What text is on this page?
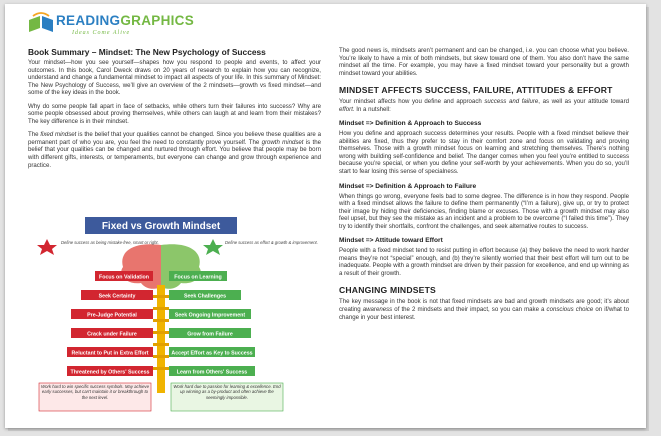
READINGGRAPHICS
Ideas Come Alive
Book Summary – Mindset: The New Psychology of Success

Your mindset—how you see yourself—shapes how you respond to people and events, to affect your outcomes. In this book, Carol Dweck draws on 20 years of research to explain how you can recognize, understand and change a fundamental mindset to impact all aspects of your life. In this summary of Mindset: The New Psychology of Success, we’ll give an overview of the 2 mindsets—growth vs fixed mindset—and some of the key ideas in the book.

Why do some people fall apart in face of setbacks, while others turn their failures into success? Why are some people obsessed about proving themselves, while others can laugh at and learn from their mistakes? The key difference is in their mindset.

The fixed mindset is the belief that your qualities cannot be changed. Since you believe these qualities are a permanent part of who you are, you feel the need to constantly prove yourself. The growth mindset is the belief that your qualities can be changed and nurtured through effort. You believe that people may be born with different gifts, interests, or temperaments, but everyone can change and grow through experience and practice.

Fixed vs Growth Mindset
Define success as being mistake-free, smart or right.	Define success as effort & growth & improvement.
Focus on Validation
Seek Certainty
Pre-Judge Potential
Crack under Failure
Reluctant to Put in Extra Effort
Threatened by Others' Success
Focus on Learning
Seek Challenges
Seek Ongoing Improvement
Grow from Failure
Accept Effort as Key to Success
Learn from Others' Success
Work hard to win specific success symbols. May achieve early successes, but can't maintain it or breakthrough to the next level.
Work hard due to passion for learning & excellence. End up winning as a by-product and often achieve the seemingly impossible.

The good news is, mindsets aren’t permanent and can be changed, i.e. you can choose what you believe. You’re likely to have a mix of both mindsets, but skew toward one of them. You also don’t have the same mindset all the time. For example, you may have a fixed mindset toward your personality but a growth mindset toward your abilities.

MINDSET AFFECTS SUCCESS, FAILURE, ATTITUDES & EFFORT

Your mindset affects how you define and approach success and failure, as well as your attitude toward effort. In a nutshell:

Mindset => Definition & Approach to Success

How you define and approach success determines your results. People with a fixed mindset believe their abilities are fixed, thus they prefer to stay in their comfort zone and focus on validating and proving themselves. Those with a growth mindset focus on learning and stretching themselves. There’s nothing wrong with building self-confidence and belief. The danger comes when you feel you’re entitled to success because you’re special, or when you define your self-worth by your achievements. When you do so, you’ll start to fear losing this sense of specialness.

Mindset => Definition & Approach to Failure

When things go wrong, everyone feels bad to some degree. The difference is in how they respond. People with a fixed mindset allows the failure to define them permanently (“I’m a failure), give up, or try to protect their image by hiding their deficiencies, finding blame or excuses. Those with a growth mindset may also feel upset, but they see the mistake as an incident and a problem to be overcome (“I failed this time”). They try to identify their shortfalls, confront the challenges, and seek alternative routes to success.

Mindset => Attitude toward Effort

People with a fixed mindset tend to resist putting in effort because (a) they believe the need to work harder means they’re not “special” enough, and (b) they’re silently worried that their best effort will turn out to be inadequate. People with a growth mindset are driven by their passion for excellence, and end up winning as a result of their growth.

CHANGING MINDSETS

The key message in the book is not that fixed mindsets are bad and growth mindsets are good; it’s about creating awareness of the 2 mindsets and their impact, so you can make a conscious choice on if/what to change in your best interest.
